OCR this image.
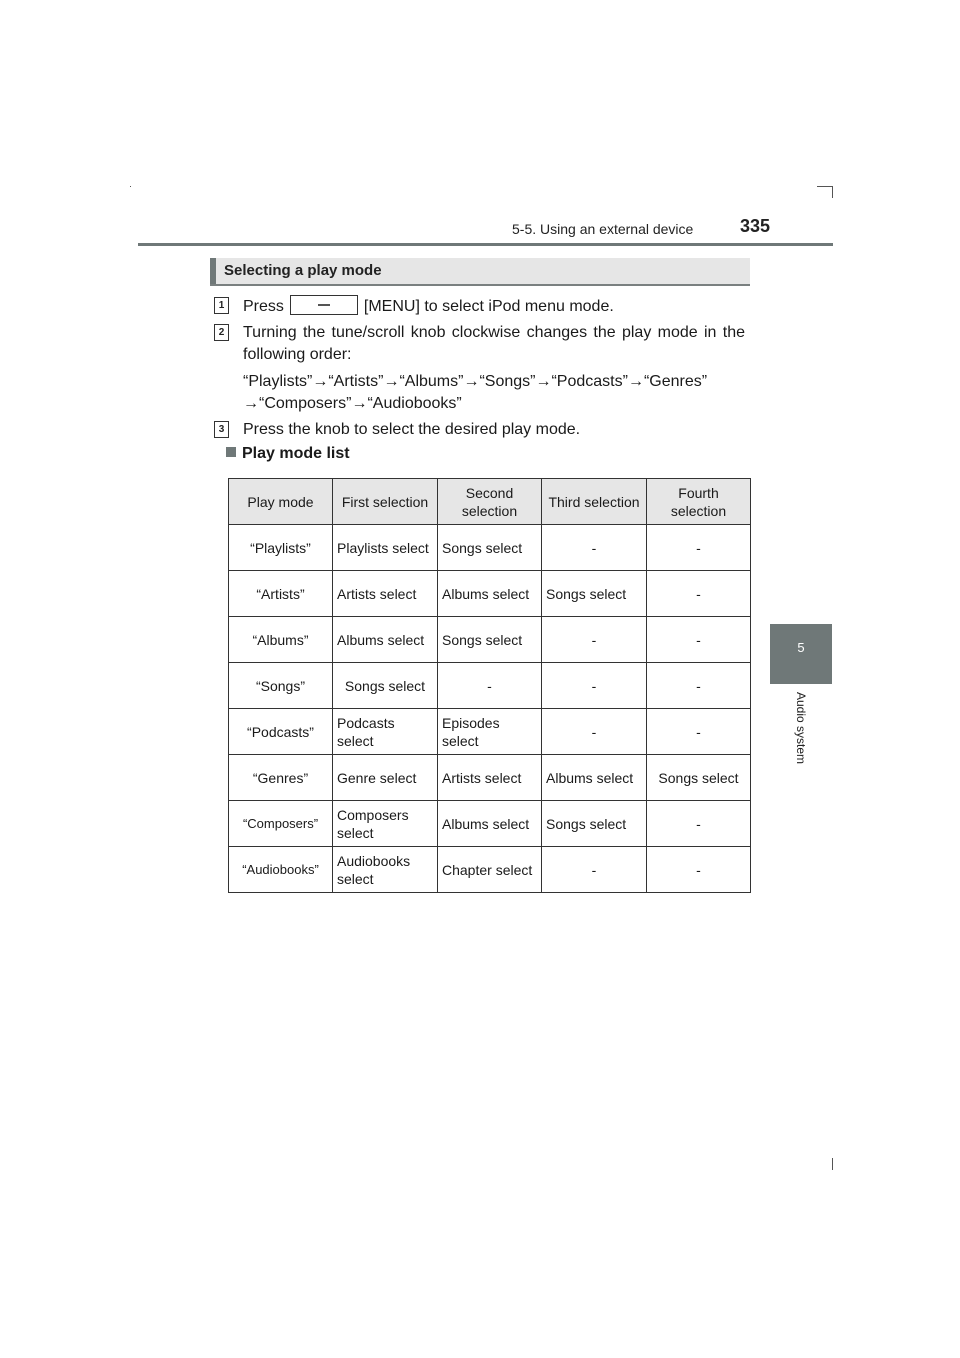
5-5. Using an external device	335
5
Audio system
Selecting a play mode
1 Press	[MENU] to select iPod menu mode.
2 Turning the tune/scroll knob clockwise changes the play mode in the following order:
“Playlists”→“Artists”→“Albums”→“Songs”→“Podcasts”→“Genres”
→“Composers”→“Audiobooks”
3 Press the knob to select the desired play mode.
Play mode list
Play mode	First selection	Second selection	Third selection	Fourth selection
“Playlists”	Playlists select	Songs select	-	-
“Artists”	Artists select	Albums select	Songs select	-
“Albums”	Albums select	Songs select	-	-
“Songs”	Songs select	-	-	-
“Podcasts”	Podcasts select	Episodes select	-	-
“Genres”	Genre select	Artists select	Albums select	Songs select
“Composers”	Composers select	Albums select	Songs select	-
“Audiobooks”	Audiobooks select	Chapter select	-	-
